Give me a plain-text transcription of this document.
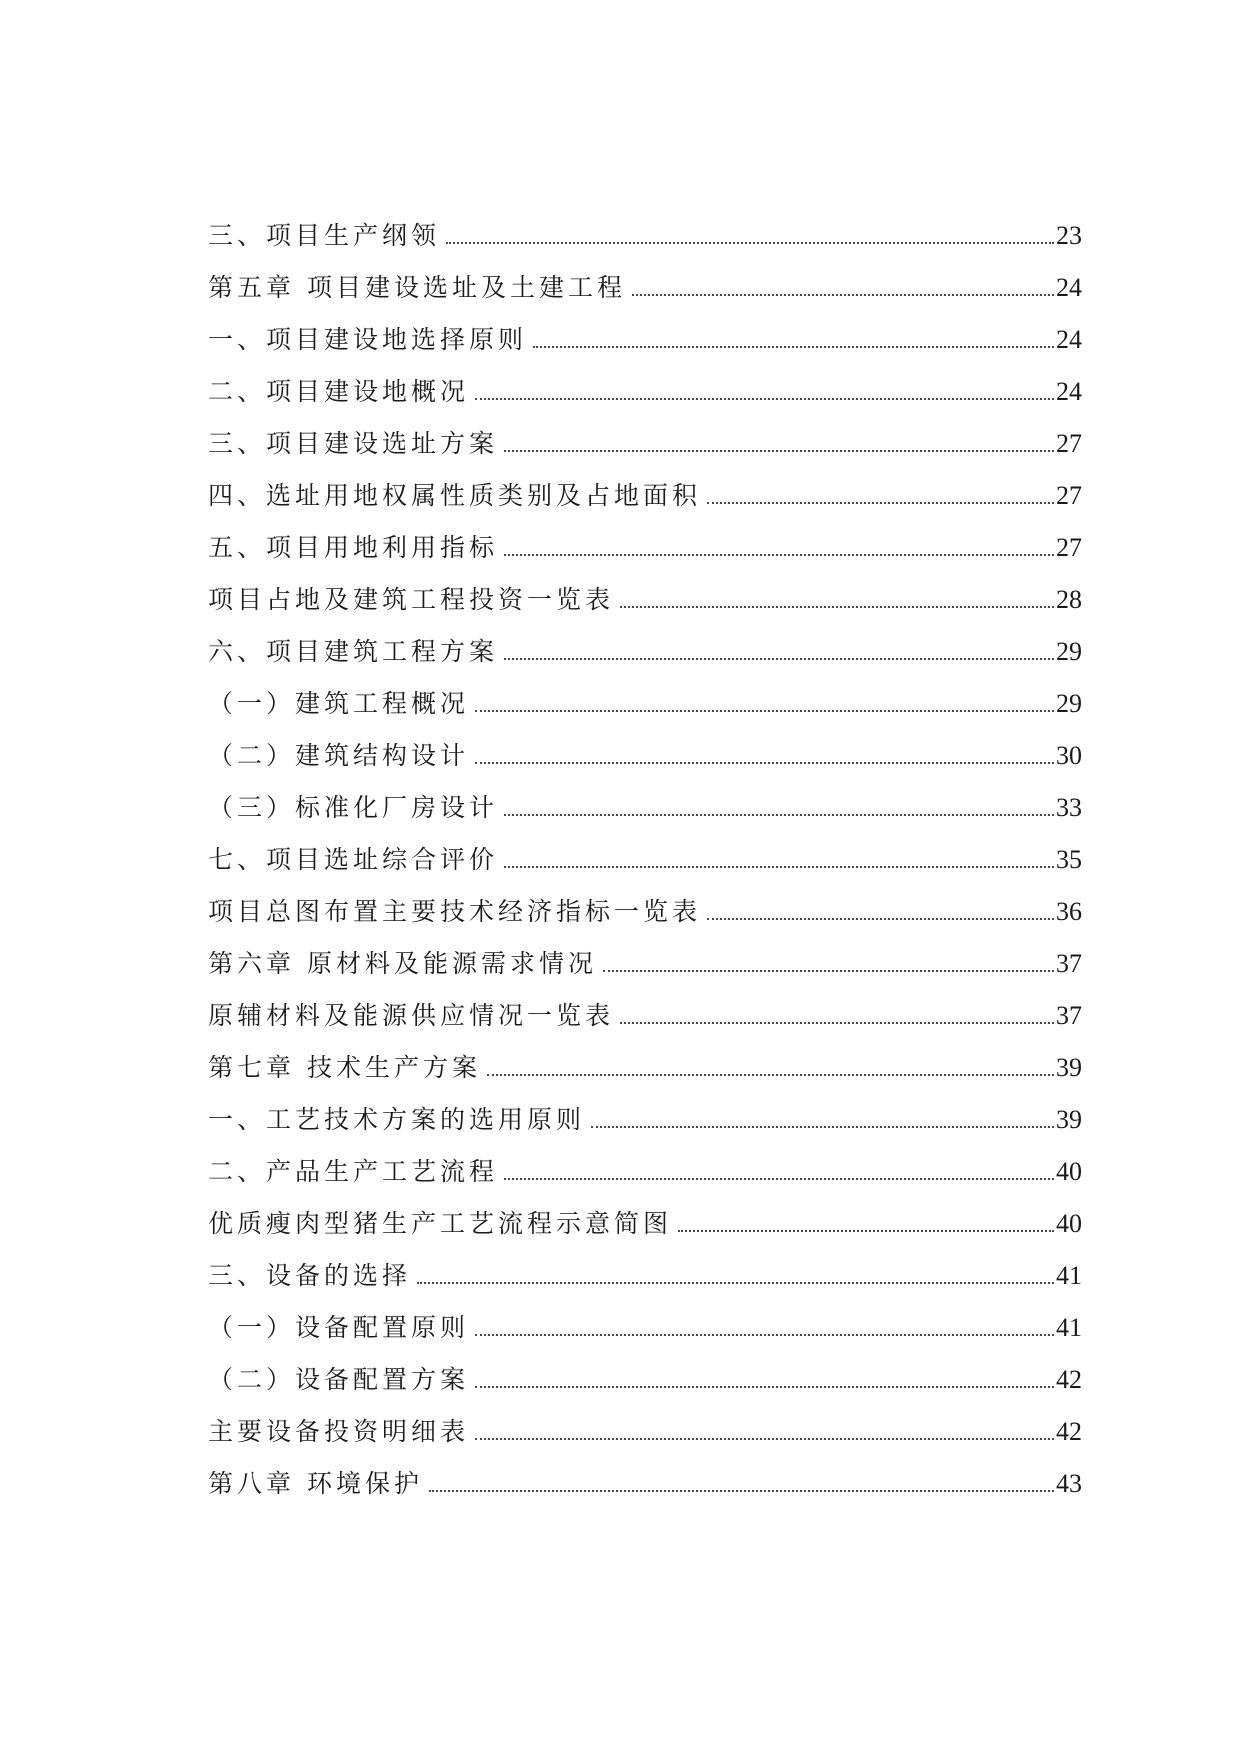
三、项目生产纲领	23
第五章 项目建设选址及土建工程	24
一、项目建设地选择原则	24
二、项目建设地概况	24
三、项目建设选址方案	27
四、选址用地权属性质类别及占地面积	27
五、项目用地利用指标	27
项目占地及建筑工程投资一览表	28
六、项目建筑工程方案	29
（一）建筑工程概况	29
（二）建筑结构设计	30
（三）标准化厂房设计	33
七、项目选址综合评价	35
项目总图布置主要技术经济指标一览表	36
第六章 原材料及能源需求情况	37
原辅材料及能源供应情况一览表	37
第七章 技术生产方案	39
一、工艺技术方案的选用原则	39
二、产品生产工艺流程	40
优质瘦肉型猪生产工艺流程示意简图	40
三、设备的选择	41
（一）设备配置原则	41
（二）设备配置方案	42
主要设备投资明细表	42
第八章 环境保护	43
